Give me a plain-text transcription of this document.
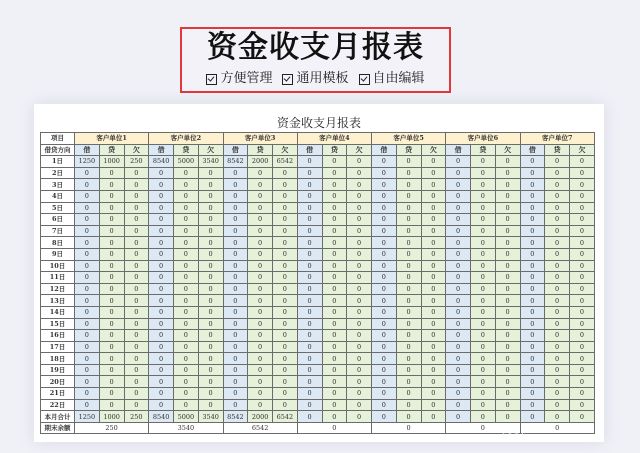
资金收支月报表
方便管理 通用模板 自由编辑
资金收支月报表
项目	客户单位1			客户单位2			客户单位3			客户单位4			客户单位5			客户单位6			客户单位7		
借贷方向	借	贷	欠	借	贷	欠	借	贷	欠	借	贷	欠	借	贷	欠	借	贷	欠	借	贷	欠
1日	1250	1000	250	8540	5000	3540	8542	2000	6542	0	0	0	0	0	0	0	0	0	0	0	0
2日	0	0	0	0	0	0	0	0	0	0	0	0	0	0	0	0	0	0	0	0	0
3日	0	0	0	0	0	0	0	0	0	0	0	0	0	0	0	0	0	0	0	0	0
4日	0	0	0	0	0	0	0	0	0	0	0	0	0	0	0	0	0	0	0	0	0
5日	0	0	0	0	0	0	0	0	0	0	0	0	0	0	0	0	0	0	0	0	0
6日	0	0	0	0	0	0	0	0	0	0	0	0	0	0	0	0	0	0	0	0	0
7日	0	0	0	0	0	0	0	0	0	0	0	0	0	0	0	0	0	0	0	0	0
8日	0	0	0	0	0	0	0	0	0	0	0	0	0	0	0	0	0	0	0	0	0
9日	0	0	0	0	0	0	0	0	0	0	0	0	0	0	0	0	0	0	0	0	0
10日	0	0	0	0	0	0	0	0	0	0	0	0	0	0	0	0	0	0	0	0	0
11日	0	0	0	0	0	0	0	0	0	0	0	0	0	0	0	0	0	0	0	0	0
12日	0	0	0	0	0	0	0	0	0	0	0	0	0	0	0	0	0	0	0	0	0
13日	0	0	0	0	0	0	0	0	0	0	0	0	0	0	0	0	0	0	0	0	0
14日	0	0	0	0	0	0	0	0	0	0	0	0	0	0	0	0	0	0	0	0	0
15日	0	0	0	0	0	0	0	0	0	0	0	0	0	0	0	0	0	0	0	0	0
16日	0	0	0	0	0	0	0	0	0	0	0	0	0	0	0	0	0	0	0	0	0
17日	0	0	0	0	0	0	0	0	0	0	0	0	0	0	0	0	0	0	0	0	0
18日	0	0	0	0	0	0	0	0	0	0	0	0	0	0	0	0	0	0	0	0	0
19日	0	0	0	0	0	0	0	0	0	0	0	0	0	0	0	0	0	0	0	0	0
20日	0	0	0	0	0	0	0	0	0	0	0	0	0	0	0	0	0	0	0	0	0
21日	0	0	0	0	0	0	0	0	0	0	0	0	0	0	0	0	0	0	0	0	0
22日	0	0	0	0	0	0	0	0	0	0	0	0	0	0	0	0	0	0	0	0	0
本月合计	1250	1000	250	8540	5000	3540	8542	2000	6542	0	0	0	0	0	0	0	0	0	0	0	0
期末余额	250			3540			6542			0			0			0			0		
会计
